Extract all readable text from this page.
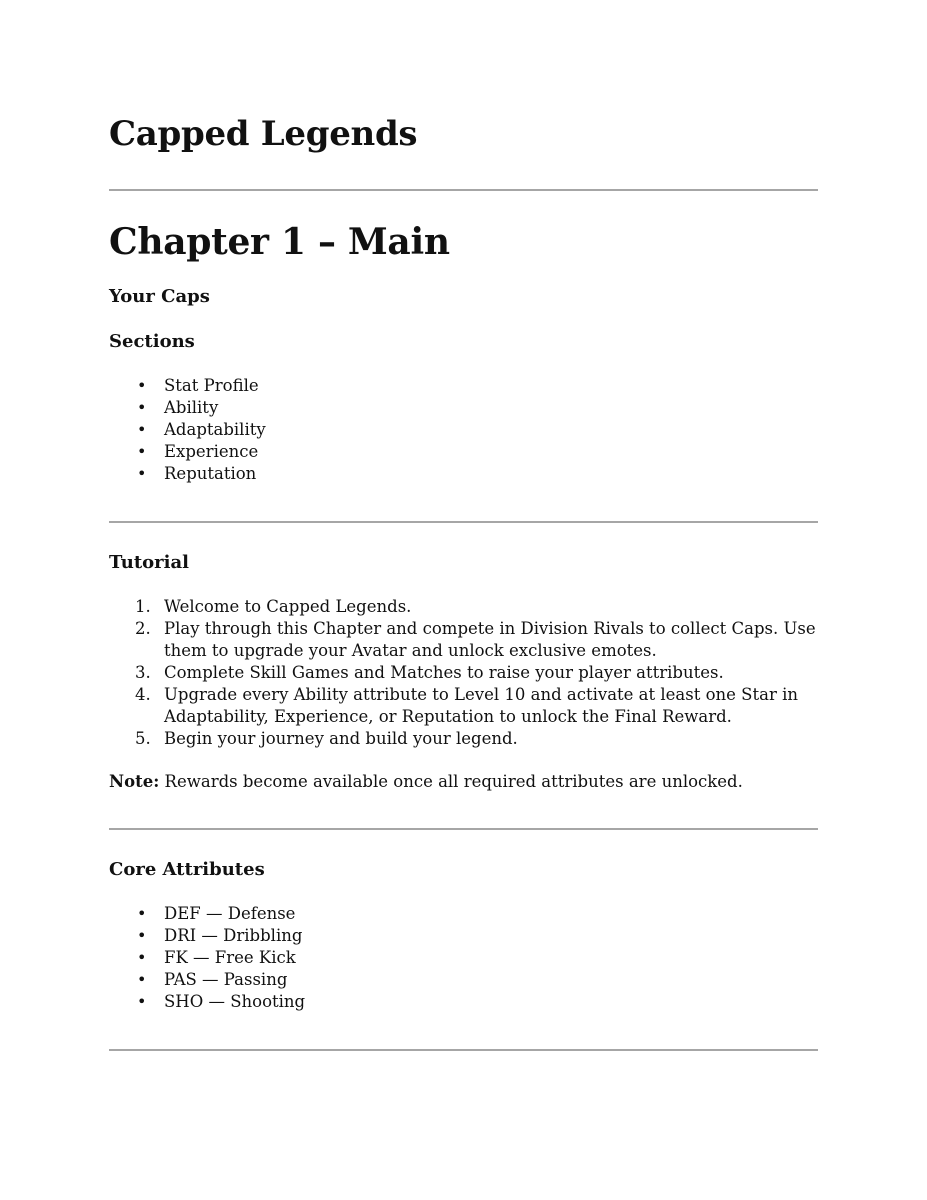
Capped Legends
Chapter 1 – Main
Your Caps
Sections
• Stat Profile
• Ability
• Adaptability
• Experience
• Reputation
Tutorial
1. Welcome to Capped Legends.
2. Play through this Chapter and compete in Division Rivals to collect Caps. Use them to upgrade your Avatar and unlock exclusive emotes.
3. Complete Skill Games and Matches to raise your player attributes.
4. Upgrade every Ability attribute to Level 10 and activate at least one Star in Adaptability, Experience, or Reputation to unlock the Final Reward.
5. Begin your journey and build your legend.

Note: Rewards become available once all required attributes are unlocked.

Core Attributes
• DEF — Defense
• DRI — Dribbling
• FK — Free Kick
• PAS — Passing
• SHO — Shooting
